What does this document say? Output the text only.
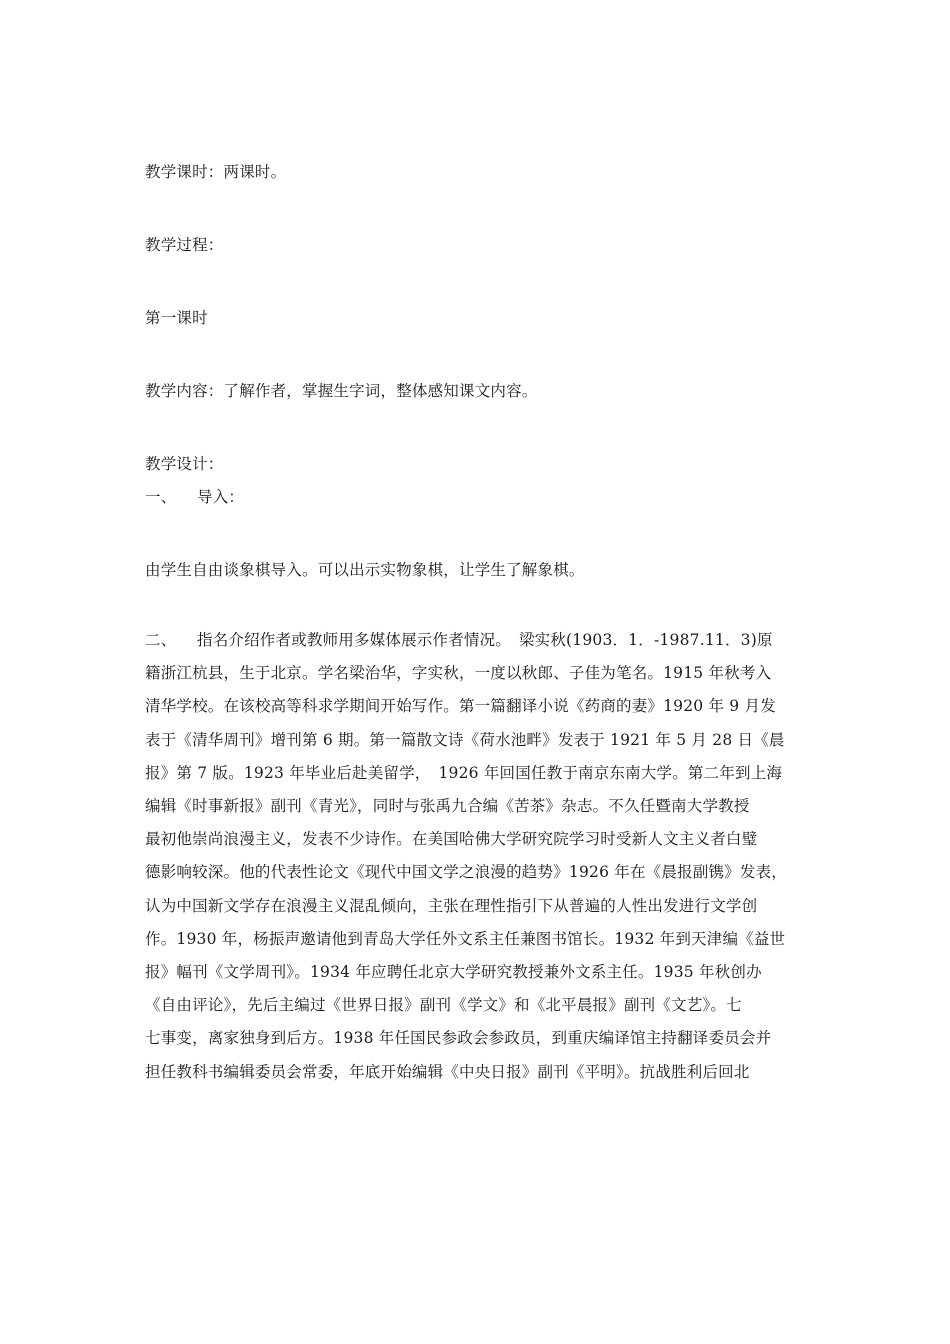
教学课时：两课时。
教学过程：
第一课时
教学内容：了解作者，掌握生字词，整体感知课文内容。
教学设计：
一、 导入：
由学生自由谈象棋导入。可以出示实物象棋，让学生了解象棋。
二、 指名介绍作者或教师用多媒体展示作者情况。　梁实秋(1903．1．-1987.11．3)原
籍浙江杭县，生于北京。学名梁治华，字实秋，一度以秋郎、子佳为笔名。1915 年秋考入
清华学校。在该校高等科求学期间开始写作。第一篇翻译小说《药商的妻》1920 年 9 月发
表于《清华周刊》增刊第 6 期。第一篇散文诗《荷水池畔》发表于 1921 年 5 月 28 日《晨
报》第 7 版。1923 年毕业后赴美留学，　1926 年回国任教于南京东南大学。第二年到上海
编辑《时事新报》副刊《青光》，同时与张禹九合编《苦茶》杂志。不久任暨南大学教授
最初他崇尚浪漫主义，发表不少诗作。在美国哈佛大学研究院学习时受新人文主义者白璧
德影响较深。他的代表性论文《现代中国文学之浪漫的趋势》1926 年在《晨报副镌》发表，
认为中国新文学存在浪漫主义混乱倾向，主张在理性指引下从普遍的人性出发进行文学创
作。1930 年，杨振声邀请他到青岛大学任外文系主任兼图书馆长。1932 年到天津编《益世
报》幅刊《文学周刊》。1934 年应聘任北京大学研究教授兼外文系主任。1935 年秋创办
《自由评论》，先后主编过《世界日报》副刊《学文》和《北平晨报》副刊《文艺》。七
七事变，离家独身到后方。1938 年任国民参政会参政员，到重庆编译馆主持翻译委员会并
担任教科书编辑委员会常委，年底开始编辑《中央日报》副刊《平明》。抗战胜利后回北
